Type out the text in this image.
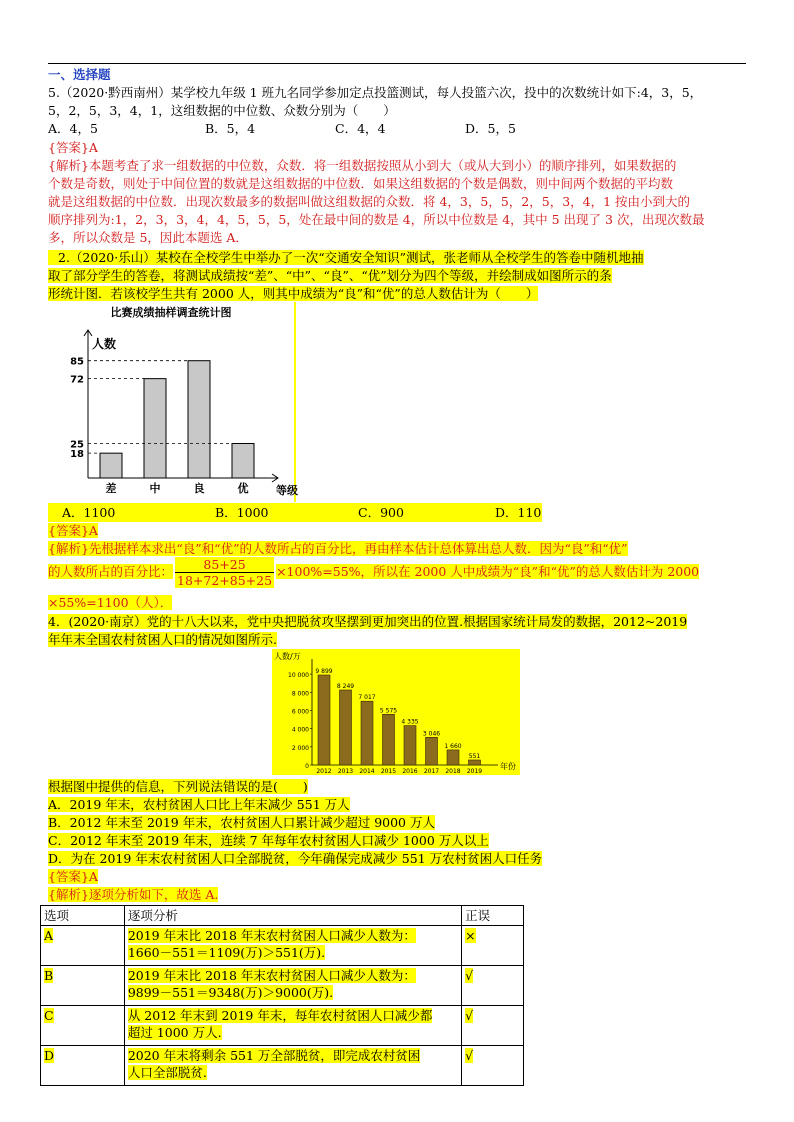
一、选择题
5.（2020·黔西南州）某学校九年级 1 班九名同学参加定点投篮测试，每人投篮六次，投中的次数统计如下:4，3，5，
5，2，5，3，4，1，这组数据的中位数、众数分别为（　　）
A．4，5	B．5，4	C．4，4	D．5，5
{答案}A
{解析}本题考查了求一组数据的中位数，众数．将一组数据按照从小到大（或从大到小）的顺序排列，如果数据的
个数是奇数，则处于中间位置的数就是这组数据的中位数．如果这组数据的个数是偶数，则中间两个数据的平均数
就是这组数据的中位数．出现次数最多的数据叫做这组数据的众数．将 4，3，5，5，2，5，3，4，1 按由小到大的
顺序排列为:1，2，3，3，4，4，5，5，5，处在最中间的数是 4，所以中位数是 4，其中 5 出现了 3 次，出现次数最
多，所以众数是 5，因此本题选 A．
2.（2020·乐山）某校在全校学生中举办了一次“交通安全知识”测试，张老师从全校学生的答卷中随机地抽
取了部分学生的答卷，将测试成绩按“差”、“中”、“良”、“优”划分为四个等级，并绘制成如图所示的条
形统计图．若该校学生共有 2000 人，则其中成绩为“良”和“优”的总人数估计为（　　）
比赛成绩抽样调查统计图
人数
等级
18
差
72
中
85
良
25
优
A．1100	B．1000	C．900	D．110
{答案}A
{解析}先根据样本求出“良”和“优”的人数所占的百分比，再由样本估计总体算出总人数．因为“良”和“优”
的人数所占的百分比： $\frac{85+25}{18+72+85+25} \times 100\%=55\%$，所以在 2000 人中成绩为“良”和“优”的总人数估计为 2000
×55%=1100（人）．
4．(2020·南京）党的十八大以来，党中央把脱贫攻坚摆到更加突出的位置.根据国家统计局发的数据，2012~2019
年年末全国农村贫困人口的情况如图所示.
人数/万
年份
10 000
8 000
6 000
4 000
2 000
0
9 899
2012
8 249
2013
7 017
2014
5 575
2015
4 335
2016
3 046
2017
1 660
2018
551
2019
根据图中提供的信息，下列说法错误的是(　　)
A．2019 年末，农村贫困人口比上年末减少 551 万人
B．2012 年末至 2019 年末，农村贫困人口累计减少超过 9000 万人
C．2012 年末至 2019 年末，连续 7 年每年农村贫困人口减少 1000 万人以上
D．为在 2019 年末农村贫困人口全部脱贫，今年确保完成减少 551 万农村贫困人口任务
{答案}A
{解析}逐项分析如下，故选 A.
选项	逐项分析	正误
A	2019 年末比 2018 年末农村贫困人口减少人数为：
1660－551＝1109(万)＞551(万).	×
B	2019 年末比 2018 年末农村贫困人口减少人数为：
9899－551＝9348(万)＞9000(万).	√
C	从 2012 年末到 2019 年末，每年农村贫困人口减少都
超过 1000 万人.	√
D	2020 年末将剩余 551 万全部脱贫，即完成农村贫困
人口全部脱贫.	√
